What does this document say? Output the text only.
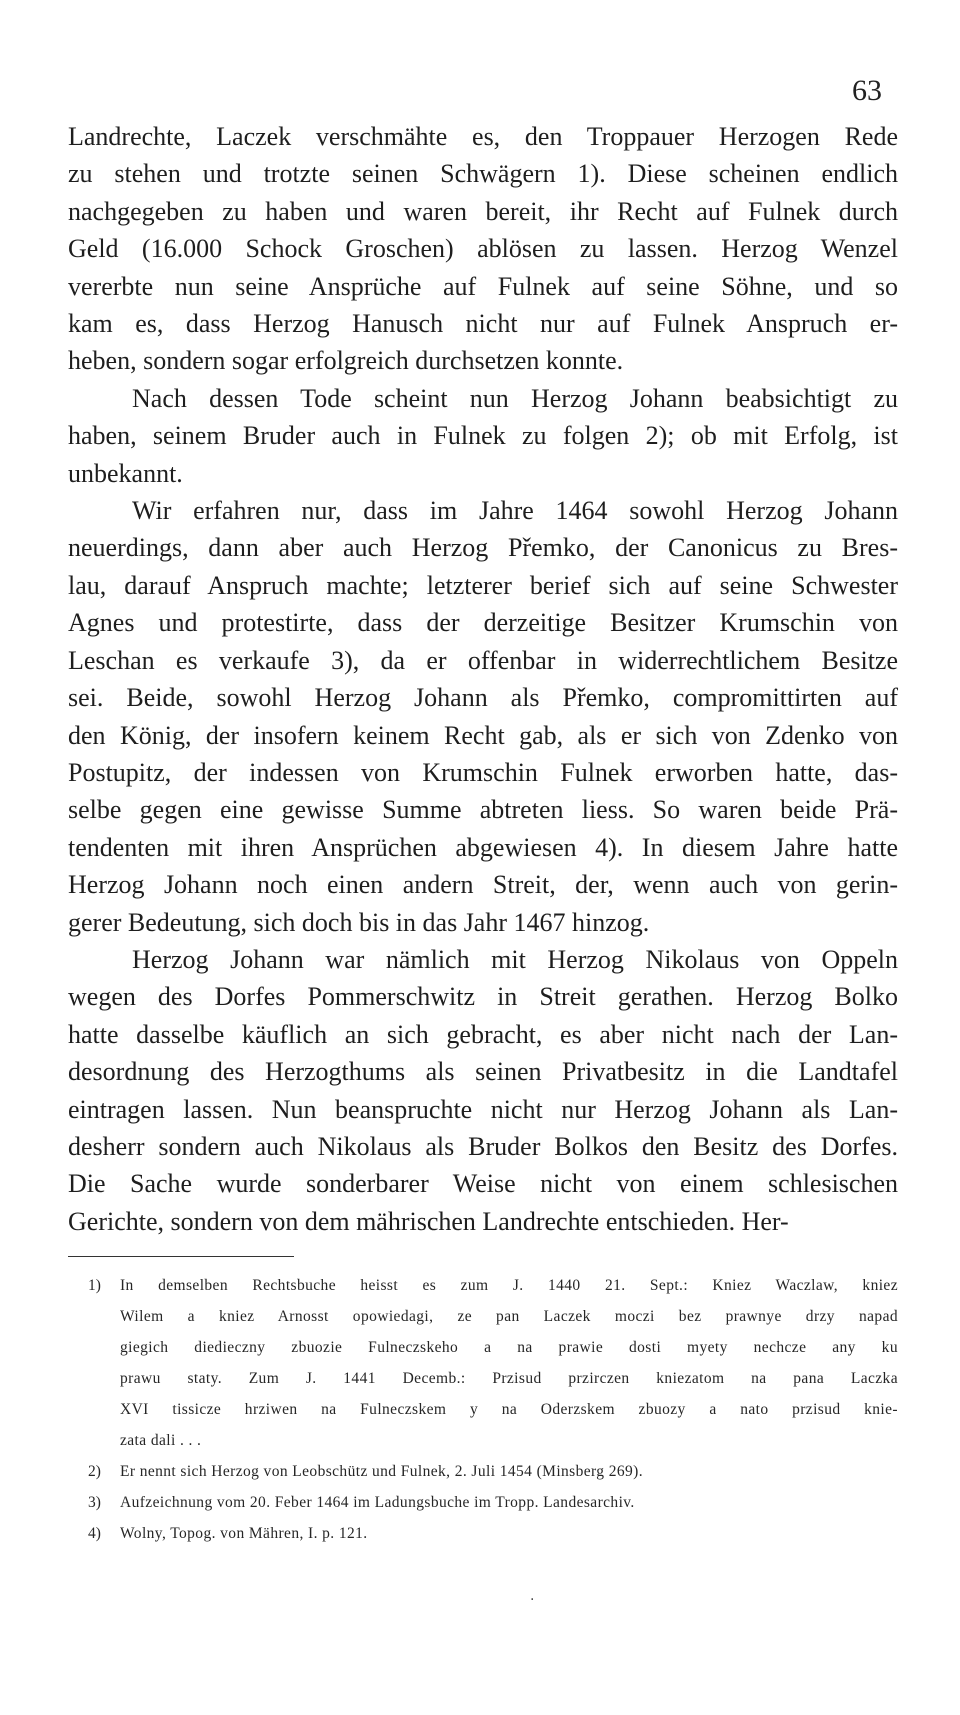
63
Landrechte, Laczek verschmähte es, den Troppauer Herzogen Rede
zu stehen und trotzte seinen Schwägern 1). Diese scheinen endlich
nachgegeben zu haben und waren bereit, ihr Recht auf Fulnek durch
Geld (16.000 Schock Groschen) ablösen zu lassen. Herzog Wenzel
vererbte nun seine Ansprüche auf Fulnek auf seine Söhne, und so
kam es, dass Herzog Hanusch nicht nur auf Fulnek Anspruch er-
heben, sondern sogar erfolgreich durchsetzen konnte.
Nach dessen Tode scheint nun Herzog Johann beabsichtigt zu
haben, seinem Bruder auch in Fulnek zu folgen 2); ob mit Erfolg, ist
unbekannt.
Wir erfahren nur, dass im Jahre 1464 sowohl Herzog Johann
neuerdings, dann aber auch Herzog Přemko, der Canonicus zu Bres-
lau, darauf Anspruch machte; letzterer berief sich auf seine Schwester
Agnes und protestirte, dass der derzeitige Besitzer Krumschin von
Leschan es verkaufe 3), da er offenbar in widerrechtlichem Besitze
sei. Beide, sowohl Herzog Johann als Přemko, compromittirten auf
den König, der insofern keinem Recht gab, als er sich von Zdenko von
Postupitz, der indessen von Krumschin Fulnek erworben hatte, das-
selbe gegen eine gewisse Summe abtreten liess. So waren beide Prä-
tendenten mit ihren Ansprüchen abgewiesen 4). In diesem Jahre hatte
Herzog Johann noch einen andern Streit, der, wenn auch von gerin-
gerer Bedeutung, sich doch bis in das Jahr 1467 hinzog.
Herzog Johann war nämlich mit Herzog Nikolaus von Oppeln
wegen des Dorfes Pommerschwitz in Streit gerathen. Herzog Bolko
hatte dasselbe käuflich an sich gebracht, es aber nicht nach der Lan-
desordnung des Herzogthums als seinen Privatbesitz in die Landtafel
eintragen lassen. Nun beanspruchte nicht nur Herzog Johann als Lan-
desherr sondern auch Nikolaus als Bruder Bolkos den Besitz des Dorfes.
Die Sache wurde sonderbarer Weise nicht von einem schlesischen
Gerichte, sondern von dem mährischen Landrechte entschieden. Her-
1) In demselben Rechtsbuche heisst es zum J. 1440 21. Sept.: Kniez Waczlaw, kniez
Wilem a kniez Arnosst opowiedagi, ze pan Laczek moczi bez prawnye drzy napad
giegich diedieczny zbuozie Fulneczskeho a na prawie dosti myety nechcze any ku
prawu staty. Zum J. 1441 Decemb.: Przisud przirczen kniezatom na pana Laczka
XVI tissicze hrziwen na Fulneczskem y na Oderzskem zbuozy a nato przisud knie-
zata dali . . .
2) Er nennt sich Herzog von Leobschütz und Fulnek, 2. Juli 1454 (Minsberg 269).
3) Aufzeichnung vom 20. Feber 1464 im Ladungsbuche im Tropp. Landesarchiv.
4) Wolny, Topog. von Mähren, I. p. 121.
·
